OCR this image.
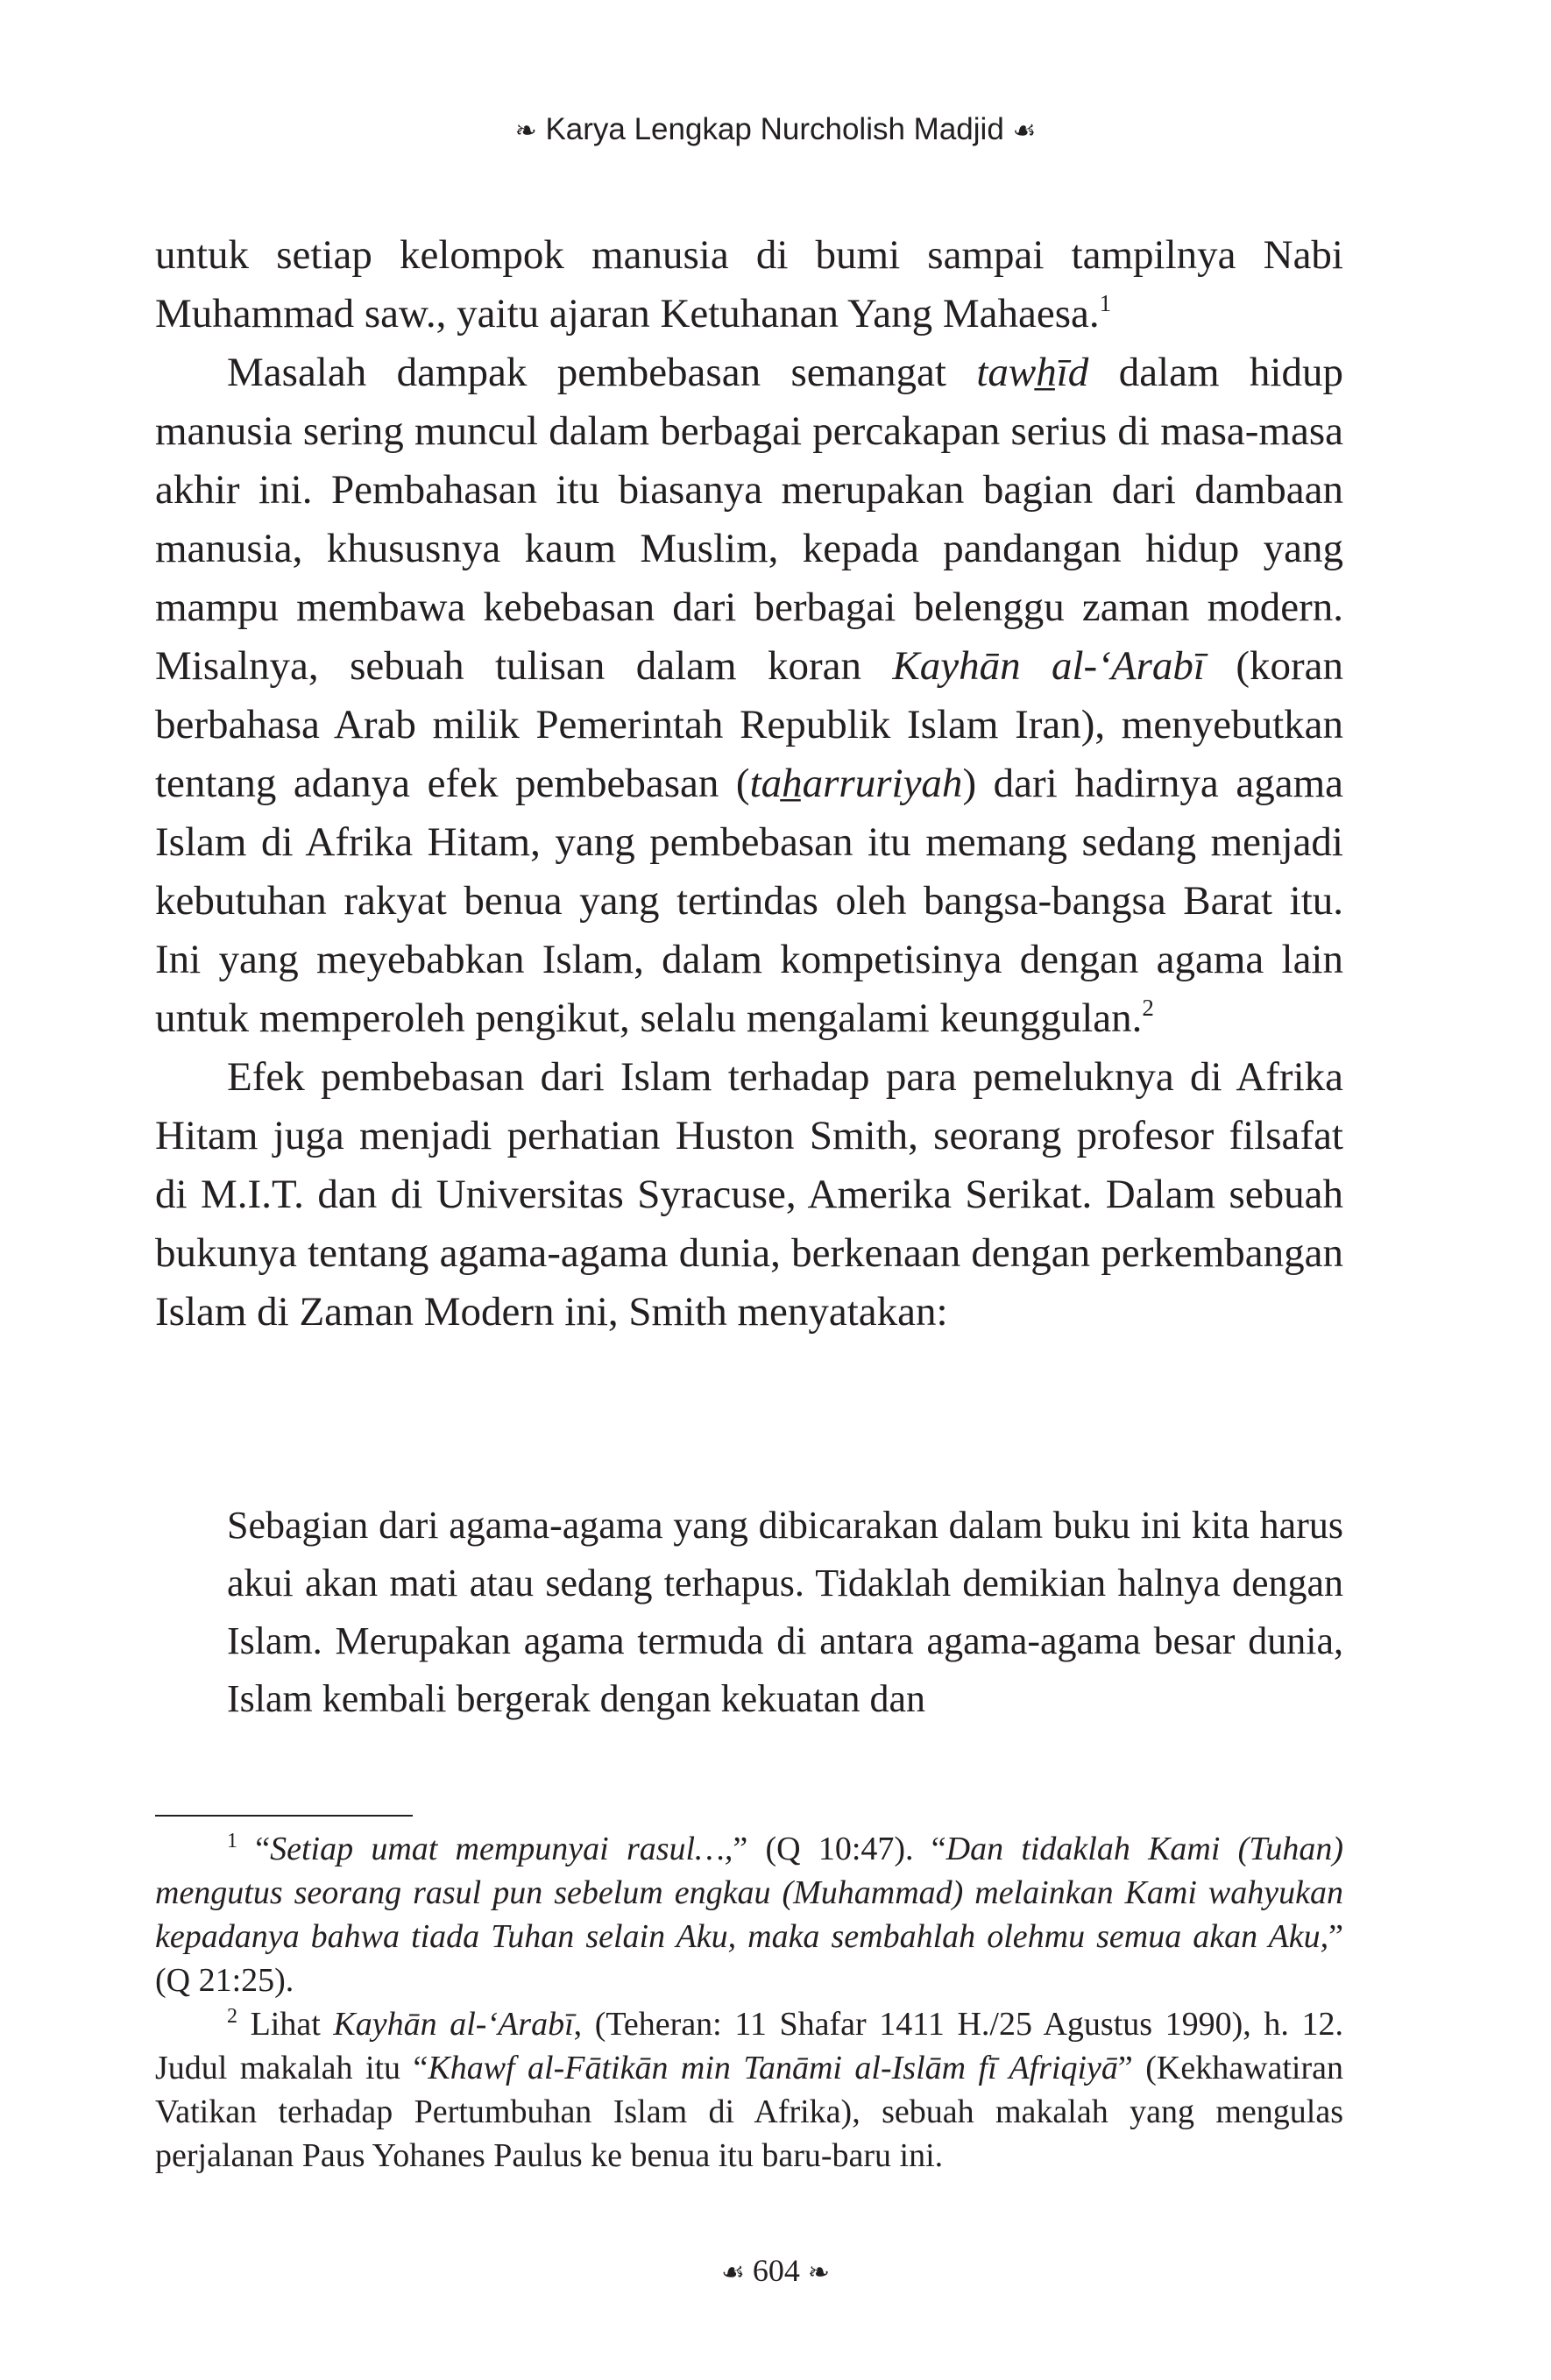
❧ Karya Lengkap Nurcholish Madjid ☙

untuk setiap kelompok manusia di bumi sampai tampilnya Nabi Muhammad saw., yaitu ajaran Ketuhanan Yang Mahaesa.$^1$

Masalah dampak pembebasan semangat tawh̲īd dalam hidup manusia sering muncul dalam berbagai percakapan serius di masa-masa akhir ini. Pembahasan itu biasanya merupakan bagian dari dambaan manusia, khususnya kaum Muslim, kepada pandangan hidup yang mampu membawa kebebasan dari berbagai belenggu zaman modern. Misalnya, sebuah tulisan dalam koran Kayhān al-‘Arabī (koran berbahasa Arab milik Pemerintah Republik Islam Iran), menyebutkan tentang adanya efek pembebasan (tah̲arruriyah) dari hadirnya agama Islam di Afrika Hitam, yang pembebasan itu memang sedang menjadi kebutuhan rakyat benua yang tertindas oleh bangsa-bangsa Barat itu. Ini yang meyebabkan Islam, dalam kompetisinya dengan agama lain untuk memperoleh pengikut, selalu mengalami keunggulan.$^2$

Efek pembebasan dari Islam terhadap para pemeluknya di Afrika Hitam juga menjadi perhatian Huston Smith, seorang profesor filsafat di M.I.T. dan di Universitas Syracuse, Amerika Serikat. Dalam sebuah bukunya tentang agama-agama dunia, berkenaan dengan perkembangan Islam di Zaman Modern ini, Smith menyatakan:

Sebagian dari agama-agama yang dibicarakan dalam buku ini kita harus akui akan mati atau sedang terhapus. Tidaklah demikian halnya dengan Islam. Merupakan agama termuda di antara agama-agama besar dunia, Islam kembali bergerak dengan kekuatan dan

$^1$ “Setiap umat mempunyai rasul…,” (Q 10:47). “Dan tidaklah Kami (Tuhan) mengutus seorang rasul pun sebelum engkau (Muhammad) melainkan Kami wahyukan kepadanya bahwa tiada Tuhan selain Aku, maka sembahlah olehmu semua akan Aku,” (Q 21:25).

$^2$ Lihat Kayhān al-‘Arabī, (Teheran: 11 Shafar 1411 H./25 Agustus 1990), h. 12. Judul makalah itu “Khawf al-Fātikān min Tanāmi al-Islām fī Afriqiyā” (Kekhawatiran Vatikan terhadap Pertumbuhan Islam di Afrika), sebuah makalah yang mengulas perjalanan Paus Yohanes Paulus ke benua itu baru-baru ini.

☙ 604 ❧
